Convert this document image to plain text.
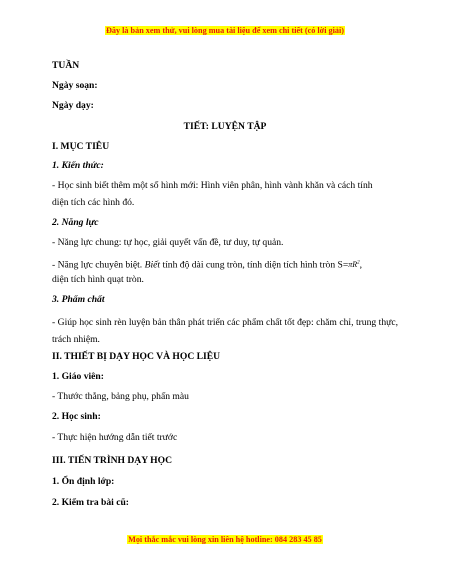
Đây là bản xem thử, vui lòng mua tài liệu để xem chi tiết (có lời giải)
TUẦN
Ngày soạn:
Ngày dạy:
TIẾT: LUYỆN TẬP
I. MỤC TIÊU
1. Kiến thức:
- Học sinh biết thêm một số hình mới: Hình viên phân, hình vành khăn và cách tính
diện tích các hình đó.
2. Năng lực
- Năng lực chung: tự học, giải quyết vấn đề, tư duy, tự quản.
- Năng lực chuyên biệt. Biết tính độ dài cung tròn, tính diện tích hình tròn $S=\pi R^2$,
diện tích hình quạt tròn.
3. Phẩm chất
- Giúp học sinh rèn luyện bản thân phát triển các phẩm chất tốt đẹp: chăm chỉ, trung thực, trách nhiệm.
II. THIẾT BỊ DẠY HỌC VÀ HỌC LIỆU
1. Giáo viên:
- Thước thẳng, bảng phụ, phấn màu
2. Học sinh:
- Thực hiện hướng dẫn tiết trước
III. TIẾN TRÌNH DẠY HỌC
1. Ổn định lớp:
2. Kiểm tra bài cũ:
Mọi thắc mắc vui lòng xin liên hệ hotline: 084 283 45 85
